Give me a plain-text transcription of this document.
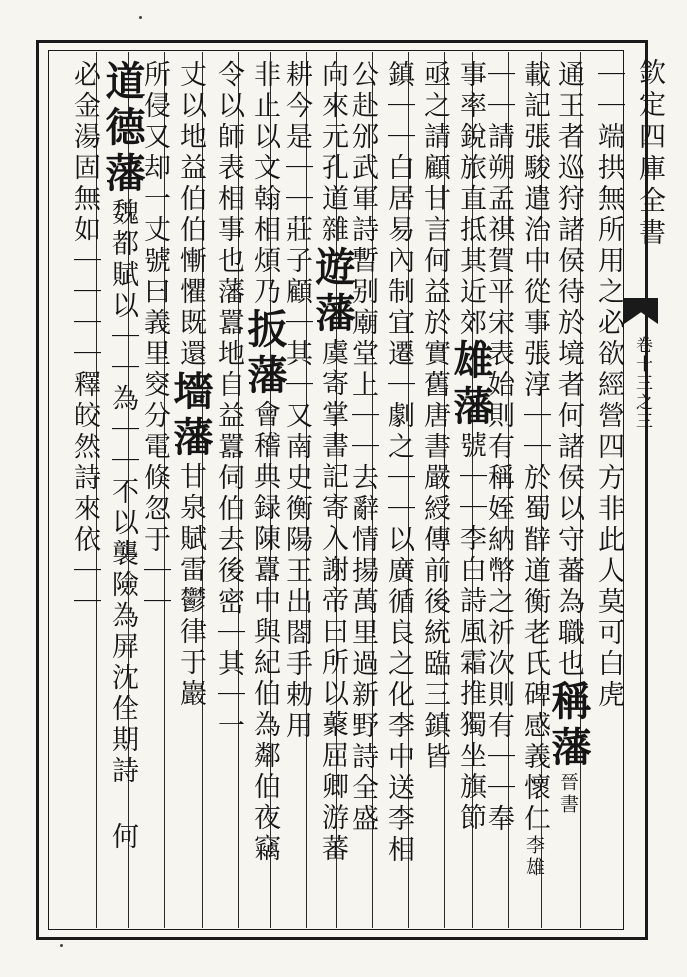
欽定四庫全書
卷十三之三
｜｜端拱無所用之必欲經營四方非此人莫可白虎
通王者巡狩諸侯待於境者何諸侯以守蕃為職也稱藩晉書
載記張駿遣治中從事張淳｜｜於蜀辥道衡老氏碑感義懷仁李雄
｜｜請朔孟祺賀平宋表始則有稱姪納幣之祈次則有｜｜奉
事率銳旅直抵其近郊雄藩號｜｜李白詩風霜推獨坐旗節
亟之請顧甘言何益於實舊唐書嚴綬傳前後統臨三鎮皆
鎮｜｜白居易內制宜遷｜劇之｜｜以廣循良之化李中送李相
公赴邠武軍詩暫别廟堂上｜｜去辭情揚萬里過新野詩全盛
向來元孔道雜遊藩虞寄掌書記寄入謝帝曰所以藂屈卿游蕃
耕今是｜｜莊子顧｜其｜又南史衡陽王出閤手勅用
非止以文翰相煩乃扳藩會稽典録陳囂中與紀伯為鄰伯夜竊
令以師表相事也藩囂地自益囂伺伯去後密｜其｜一
丈以地益伯伯慚懼既還墻藩甘泉賦雷鬱律于巖
所侵又却一丈號曰義里窔分電倏忽于｜｜
道德藩魏都賦以｜｜為｜｜不以襲險為屏沈佺期詩 何
必金湯固無如｜｜｜｜釋皎然詩來依｜｜
